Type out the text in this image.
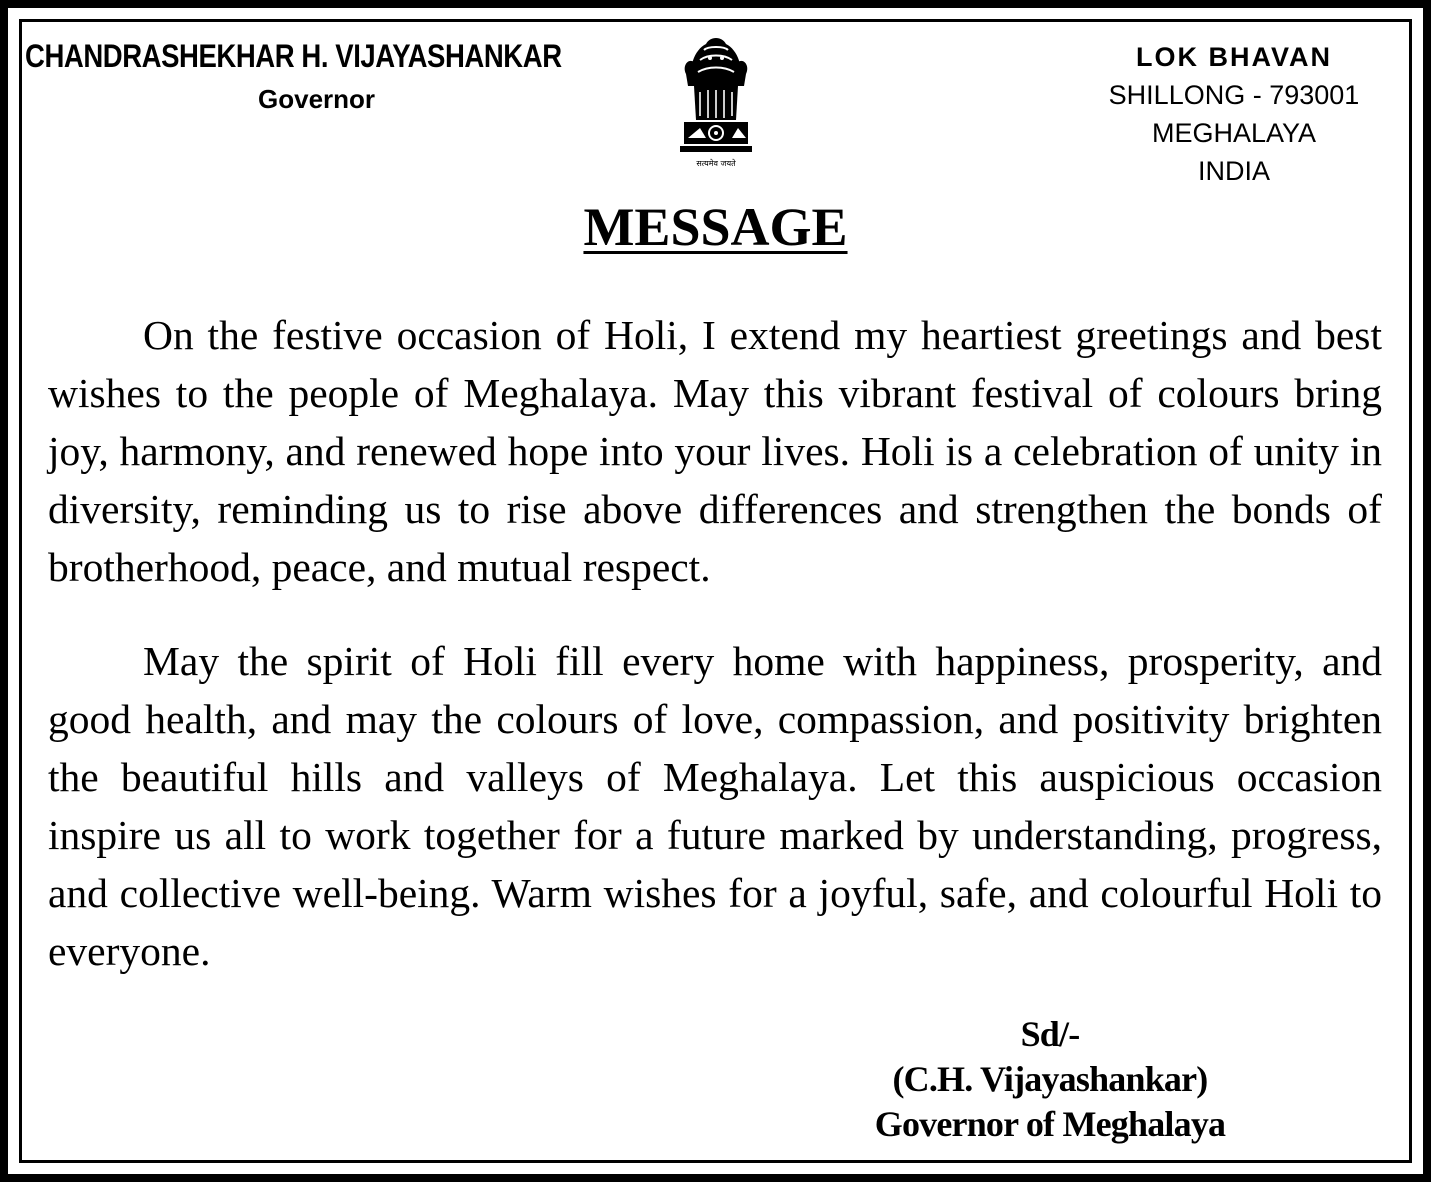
CHANDRASHEKHAR H. VIJAYASHANKAR
Governor
सत्यमेव जयते
LOK BHAVAN
SHILLONG - 793001
MEGHALAYA
INDIA
MESSAGE

On the festive occasion of Holi, I extend my heartiest greetings and best wishes to the people of Meghalaya. May this vibrant festival of colours bring joy, harmony, and renewed hope into your lives. Holi is a celebration of unity in diversity, reminding us to rise above differences and strengthen the bonds of brotherhood, peace, and mutual respect.

May the spirit of Holi fill every home with happiness, prosperity, and good health, and may the colours of love, compassion, and positivity brighten the beautiful hills and valleys of Meghalaya. Let this auspicious occasion inspire us all to work together for a future marked by understanding, progress, and collective well-being. Warm wishes for a joyful, safe, and colourful Holi to everyone.

Sd/-
(C.H. Vijayashankar)
Governor of Meghalaya
